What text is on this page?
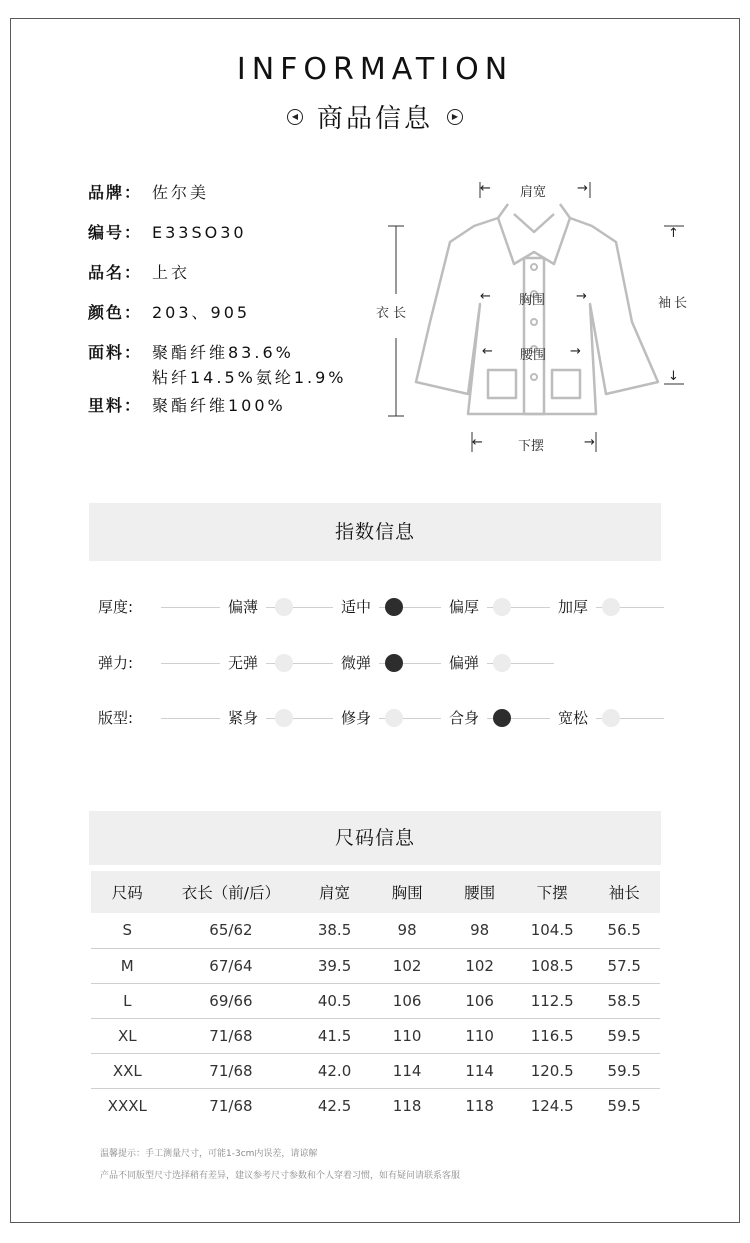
INFORMATION
◀ 商品信息	▶
品牌： 佐尔美
编号： E33SO30
品名： 上衣
颜色： 203、905
面料： 聚酯纤维83.6%
粘纤14.5%氨纶1.9%
里料： 聚酯纤维100%
← 肩宽 →
衣长
← 胸围 →
← 腰围 →
←	下摆	→
↑
袖长
↓
指数信息
厚度:	偏薄	适中	偏厚	加厚
弹力:	无弹	微弹	偏弹
版型:	紧身	修身	合身	宽松
尺码信息
尺码	衣长（前/后）	肩宽	胸围	腰围	下摆	袖长
S	65/62	38.5	98	98	104.5	56.5
M	67/64	39.5	102	102	108.5	57.5
L	69/66	40.5	106	106	112.5	58.5
XL	71/68	41.5	110	110	116.5	59.5
XXL	71/68	42.0	114	114	120.5	59.5
XXXL	71/68	42.5	118	118	124.5	59.5
温馨提示：手工测量尺寸，可能1-3cm内误差，请谅解
产品不同版型尺寸选择稍有差异，建议参考尺寸参数和个人穿着习惯，如有疑问请联系客服
